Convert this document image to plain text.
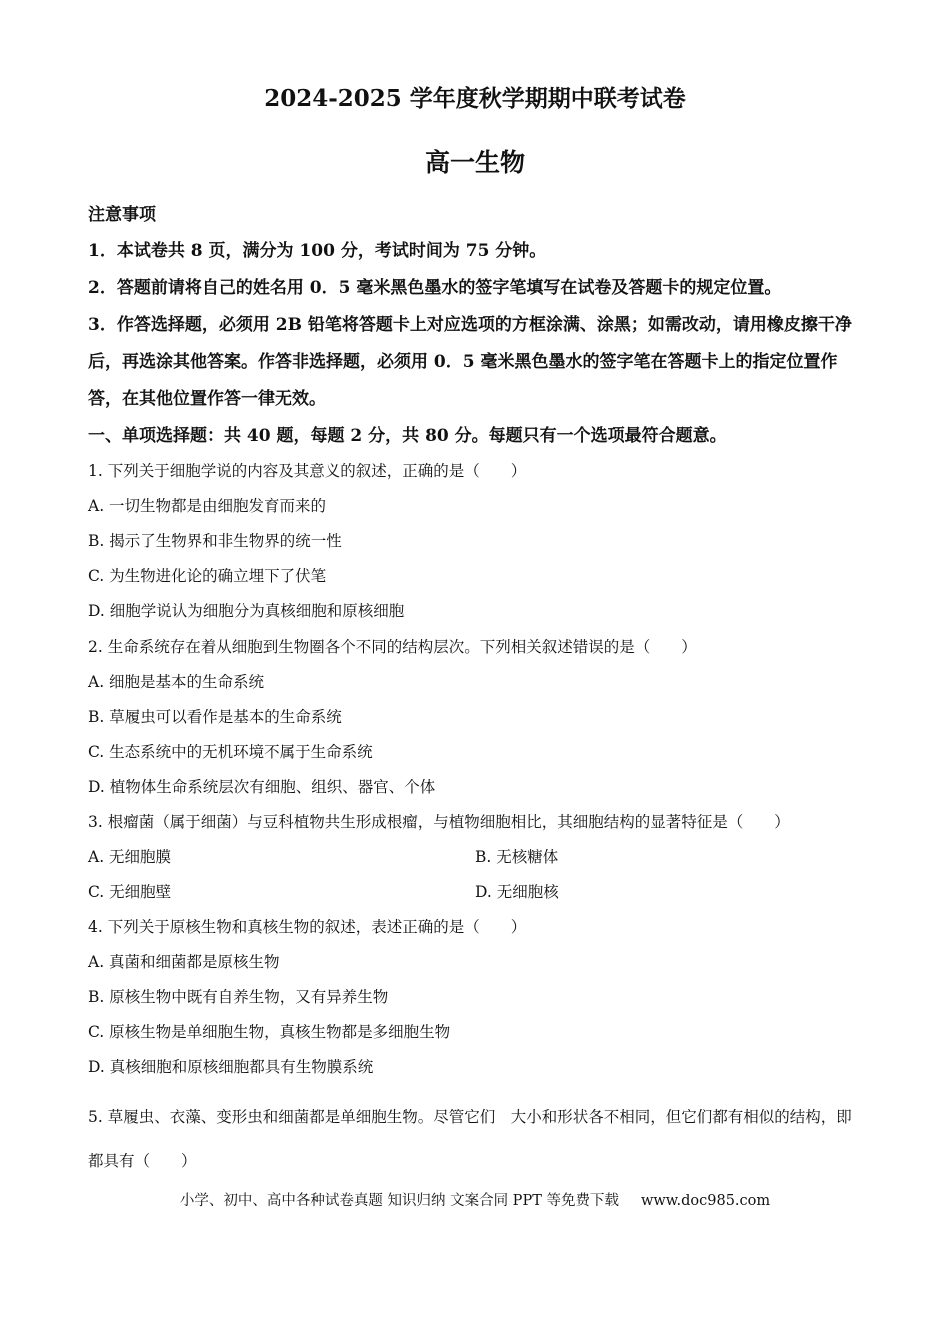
2024-2025 学年度秋学期期中联考试卷
高一生物

注意事项

1．本试卷共 8 页，满分为 100 分，考试时间为 75 分钟。

2．答题前请将自己的姓名用 0．5 毫米黑色墨水的签字笔填写在试卷及答题卡的规定位置。

3．作答选择题，必须用 2B 铅笔将答题卡上对应选项的方框涂满、涂黑；如需改动，请用橡皮擦干净后，再选涂其他答案。作答非选择题，必须用 0．5 毫米黑色墨水的签字笔在答题卡上的指定位置作答，在其他位置作答一律无效。

一、单项选择题：共 40 题，每题 2 分，共 80 分。每题只有一个选项最符合题意。

1. 下列关于细胞学说的内容及其意义的叙述，正确的是（　　）

A. 一切生物都是由细胞发育而来的

B. 揭示了生物界和非生物界的统一性

C. 为生物进化论的确立埋下了伏笔

D. 细胞学说认为细胞分为真核细胞和原核细胞

2. 生命系统存在着从细胞到生物圈各个不同的结构层次。下列相关叙述错误的是（　　）

A. 细胞是基本的生命系统

B. 草履虫可以看作是基本的生命系统

C. 生态系统中的无机环境不属于生命系统

D. 植物体生命系统层次有细胞、组织、器官、个体

3. 根瘤菌（属于细菌）与豆科植物共生形成根瘤，与植物细胞相比，其细胞结构的显著特征是（　　）

A. 无细胞膜	B. 无核糖体

C. 无细胞壁	D. 无细胞核

4. 下列关于原核生物和真核生物的叙述，表述正确的是（　　）

A. 真菌和细菌都是原核生物

B. 原核生物中既有自养生物，又有异养生物

C. 原核生物是单细胞生物，真核生物都是多细胞生物

D. 真核细胞和原核细胞都具有生物膜系统

5. 草履虫、衣藻、变形虫和细菌都是单细胞生物。尽管它们　大小和形状各不相同，但它们都有相似的结构，即都具有（　　）

小学、初中、高中各种试卷真题 知识归纳 文案合同 PPT 等免费下载 www.doc985.com
